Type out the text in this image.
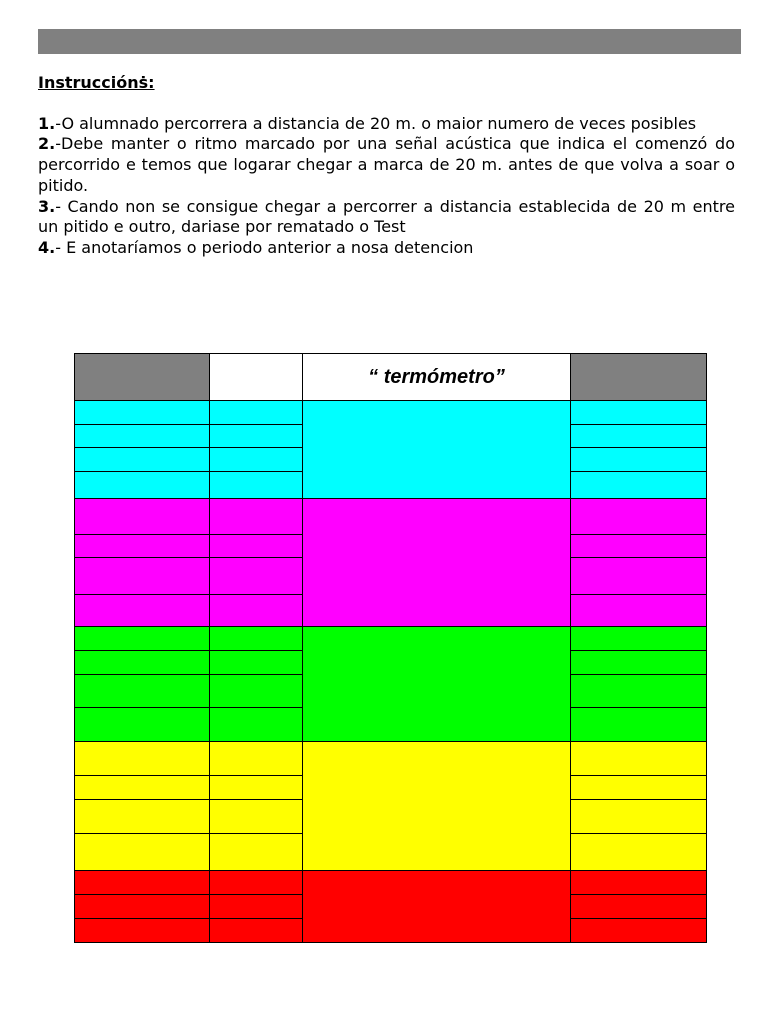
Instrucciónṡ:

1.-O alumnado percorrera a distancia de 20 m. o maior numero de veces posibles

2.-Debe manter o ritmo marcado por una señal acústica que indica el comenzó do percorrido e temos que logarar chegar a marca de 20 m. antes de que volva a soar o pitido.

3.- Cando non se consigue chegar a percorrer a distancia establecida de 20 m entre un pitido e outro, dariase por rematado o Test

4.- E anotaríamos o periodo anterior a nosa detencion

		“ termómetro”	
